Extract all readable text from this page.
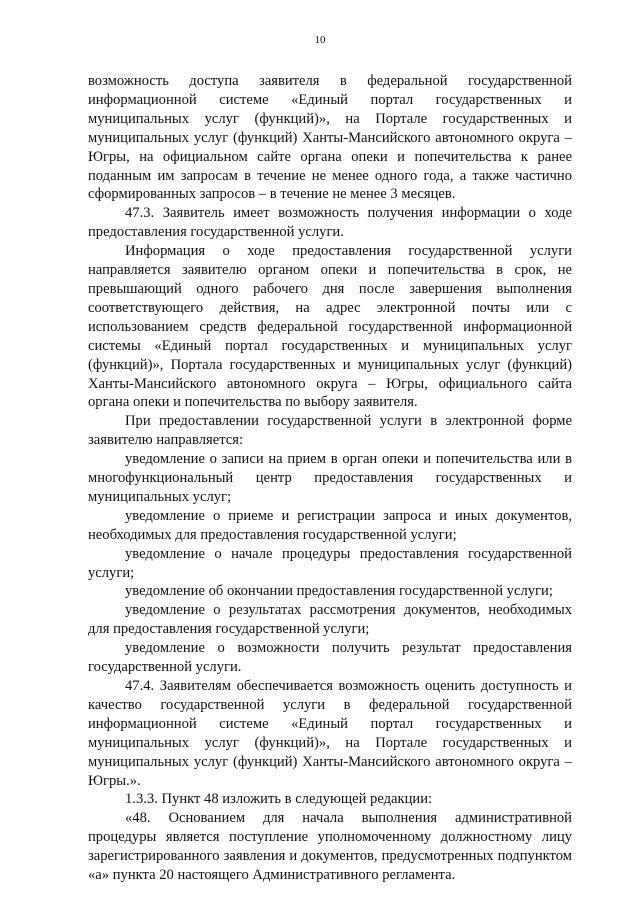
10

возможность доступа заявителя в федеральной государственной информационной системе «Единый портал государственных и муниципальных услуг (функций)», на Портале государственных и муниципальных услуг (функций) Ханты-Мансийского автономного округа – Югры, на официальном сайте органа опеки и попечительства к ранее поданным им запросам в течение не менее одного года, а также частично сформированных запросов – в течение не менее 3 месяцев.

47.3. Заявитель имеет возможность получения информации о ходе предоставления государственной услуги.

Информация о ходе предоставления государственной услуги направляется заявителю органом опеки и попечительства в срок, не превышающий одного рабочего дня после завершения выполнения соответствующего действия, на адрес электронной почты или с использованием средств федеральной государственной информационной системы «Единый портал государственных и муниципальных услуг (функций)», Портала государственных и муниципальных услуг (функций) Ханты-Мансийского автономного округа – Югры, официального сайта органа опеки и попечительства по выбору заявителя.

При предоставлении государственной услуги в электронной форме заявителю направляется:

уведомление о записи на прием в орган опеки и попечительства или в многофункциональный центр предоставления государственных и муниципальных услуг;

уведомление о приеме и регистрации запроса и иных документов, необходимых для предоставления государственной услуги;

уведомление о начале процедуры предоставления государственной услуги;

уведомление об окончании предоставления государственной услуги;

уведомление о результатах рассмотрения документов, необходимых для предоставления государственной услуги;

уведомление о возможности получить результат предоставления государственной услуги.

47.4. Заявителям обеспечивается возможность оценить доступность и качество государственной услуги в федеральной государственной информационной системе «Единый портал государственных и муниципальных услуг (функций)», на Портале государственных и муниципальных услуг (функций) Ханты-Мансийского автономного округа – Югры.».

1.3.3. Пункт 48 изложить в следующей редакции:

«48. Основанием для начала выполнения административной процедуры является поступление уполномоченному должностному лицу зарегистрированного заявления и документов, предусмотренных подпунктом «а» пункта 20 настоящего Административного регламента.
